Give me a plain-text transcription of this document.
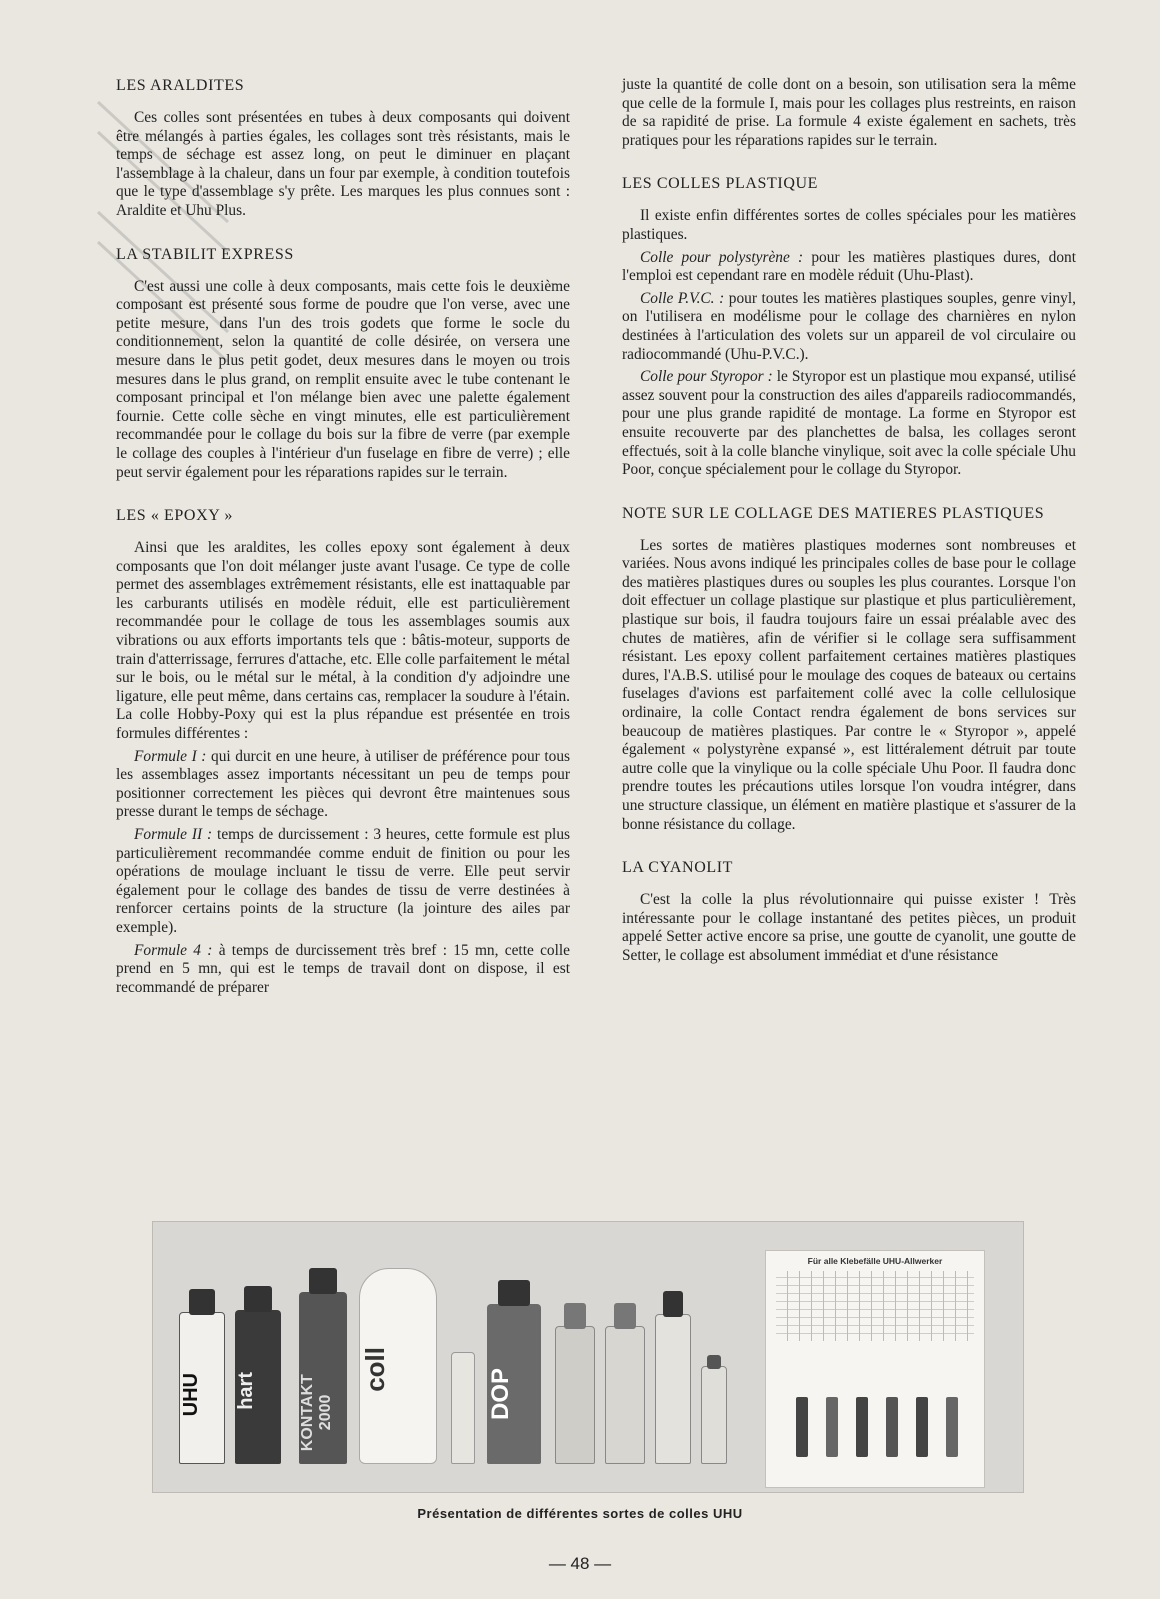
LES ARALDITES

Ces colles sont présentées en tubes à deux composants qui doivent être mélangés à parties égales, les collages sont très résistants, mais le temps de séchage est assez long, on peut le diminuer en plaçant l'assemblage à la chaleur, dans un four par exemple, à condition toutefois que le type d'assemblage s'y prête. Les marques les plus connues sont : Araldite et Uhu Plus.

LA STABILIT EXPRESS

C'est aussi une colle à deux composants, mais cette fois le deuxième composant est présenté sous forme de poudre que l'on verse, avec une petite mesure, dans l'un des trois godets que forme le socle du conditionnement, selon la quantité de colle désirée, on versera une mesure dans le plus petit godet, deux mesures dans le moyen ou trois mesures dans le plus grand, on remplit ensuite avec le tube contenant le composant principal et l'on mélange bien avec une palette également fournie. Cette colle sèche en vingt minutes, elle est particulièrement recommandée pour le collage du bois sur la fibre de verre (par exemple le collage des couples à l'intérieur d'un fuselage en fibre de verre) ; elle peut servir également pour les réparations rapides sur le terrain.

LES « EPOXY »

Ainsi que les araldites, les colles epoxy sont également à deux composants que l'on doit mélanger juste avant l'usage. Ce type de colle permet des assemblages extrêmement résistants, elle est inattaquable par les carburants utilisés en modèle réduit, elle est particulièrement recommandée pour le collage de tous les assemblages soumis aux vibrations ou aux efforts importants tels que : bâtis-moteur, supports de train d'atterrissage, ferrures d'attache, etc. Elle colle parfaitement le métal sur le bois, ou le métal sur le métal, à la condition d'y adjoindre une ligature, elle peut même, dans certains cas, remplacer la soudure à l'étain. La colle Hobby-Poxy qui est la plus répandue est présentée en trois formules différentes :

Formule I : qui durcit en une heure, à utiliser de préférence pour tous les assemblages assez importants nécessitant un peu de temps pour positionner correctement les pièces qui devront être maintenues sous presse durant le temps de séchage.

Formule II : temps de durcissement : 3 heures, cette formule est plus particulièrement recommandée comme enduit de finition ou pour les opérations de moulage incluant le tissu de verre. Elle peut servir également pour le collage des bandes de tissu de verre destinées à renforcer certains points de la structure (la jointure des ailes par exemple).

Formule 4 : à temps de durcissement très bref : 15 mn, cette colle prend en 5 mn, qui est le temps de travail dont on dispose, il est recommandé de préparer

juste la quantité de colle dont on a besoin, son utilisation sera la même que celle de la formule I, mais pour les collages plus restreints, en raison de sa rapidité de prise. La formule 4 existe également en sachets, très pratiques pour les réparations rapides sur le terrain.

LES COLLES PLASTIQUE

Il existe enfin différentes sortes de colles spéciales pour les matières plastiques.

Colle pour polystyrène : pour les matières plastiques dures, dont l'emploi est cependant rare en modèle réduit (Uhu-Plast).

Colle P.V.C. : pour toutes les matières plastiques souples, genre vinyl, on l'utilisera en modélisme pour le collage des charnières en nylon destinées à l'articulation des volets sur un appareil de vol circulaire ou radiocommandé (Uhu-P.V.C.).

Colle pour Styropor : le Styropor est un plastique mou expansé, utilisé assez souvent pour la construction des ailes d'appareils radiocommandés, pour une plus grande rapidité de montage. La forme en Styropor est ensuite recouverte par des planchettes de balsa, les collages seront effectués, soit à la colle blanche vinylique, soit avec la colle spéciale Uhu Poor, conçue spécialement pour le collage du Styropor.

NOTE SUR LE COLLAGE DES MATIERES PLASTIQUES

Les sortes de matières plastiques modernes sont nombreuses et variées. Nous avons indiqué les principales colles de base pour le collage des matières plastiques dures ou souples les plus courantes. Lorsque l'on doit effectuer un collage plastique sur plastique et plus particulièrement, plastique sur bois, il faudra toujours faire un essai préalable avec des chutes de matières, afin de vérifier si le collage sera suffisamment résistant. Les epoxy collent parfaitement certaines matières plastiques dures, l'A.B.S. utilisé pour le moulage des coques de bateaux ou certains fuselages d'avions est parfaitement collé avec la colle cellulosique ordinaire, la colle Contact rendra également de bons services sur beaucoup de matières plastiques. Par contre le « Styropor », appelé également « polystyrène expansé », est littéralement détruit par toute autre colle que la vinylique ou la colle spéciale Uhu Poor. Il faudra donc prendre toutes les précautions utiles lorsque l'on voudra intégrer, dans une structure classique, un élément en matière plastique et s'assurer de la bonne résistance du collage.

LA CYANOLIT

C'est la colle la plus révolutionnaire qui puisse exister ! Très intéressante pour le collage instantané des petites pièces, un produit appelé Setter active encore sa prise, une goutte de cyanolit, une goutte de Setter, le collage est absolument immédiat et d'une résistance

UHU	hart	KONTAKT 2000
coll	DOP
Für alle Klebefälle UHU-Allwerker
Présentation de différentes sortes de colles UHU
— 48 —
